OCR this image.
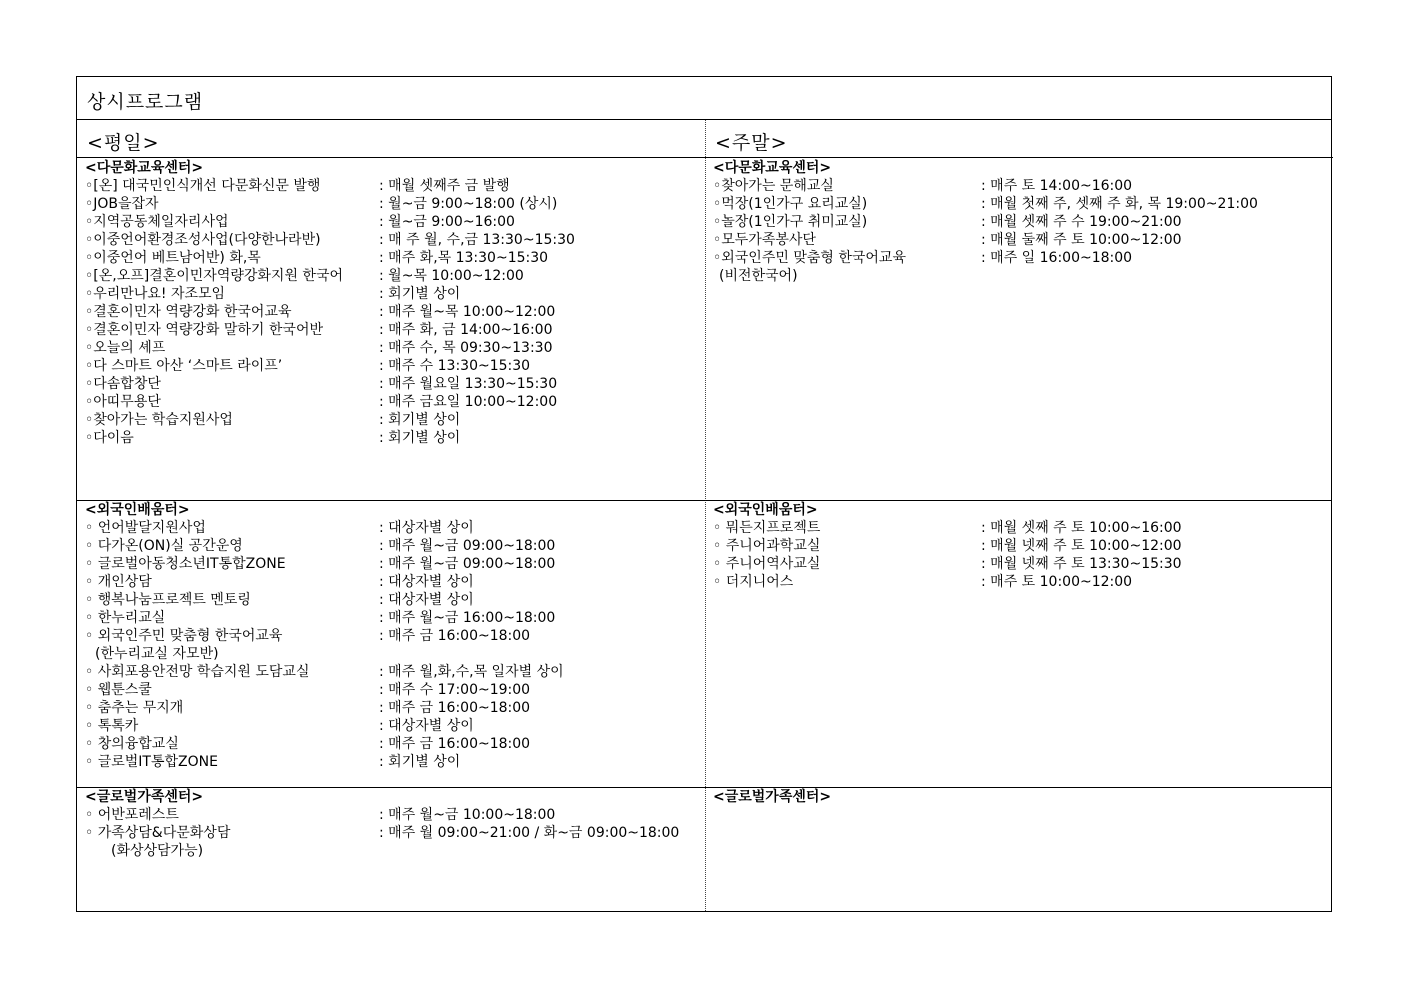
상시프로그램
<평일>	<주말>
<다문화교육센터>
◦[온] 대국민인식개선 다문화신문 발행	: 매월 셋째주 금 발행
◦JOB을잡자	: 월~금 9:00~18:00 (상시)
◦지역공동체일자리사업	: 월~금 9:00~16:00
◦이중언어환경조성사업(다양한나라반)	: 매 주 월, 수,금 13:30~15:30
◦이중언어 베트남어반) 화,목	: 매주 화,목 13:30~15:30
◦[온,오프]결혼이민자역량강화지원 한국어	: 월~목 10:00~12:00
◦우리만나요! 자조모임	: 회기별 상이
◦결혼이민자 역량강화 한국어교육	: 매주 월~목 10:00~12:00
◦결혼이민자 역량강화 말하기 한국어반	: 매주 화, 금 14:00~16:00
◦오늘의 셰프	: 매주 수, 목 09:30~13:30
◦다 스마트 아산 ‘스마트 라이프’	: 매주 수 13:30~15:30
◦다솜합창단	: 매주 월요일 13:30~15:30
◦아띠무용단	: 매주 금요일 10:00~12:00
◦찾아가는 학습지원사업	: 회기별 상이
◦다이음	: 회기별 상이
<다문화교육센터>
◦찾아가는 문해교실	: 매주 토 14:00~16:00
◦먹장(1인가구 요리교실)	: 매월 첫째 주, 셋째 주 화, 목 19:00~21:00
◦놀장(1인가구 취미교실)	: 매월 셋째 주 수 19:00~21:00
◦모두가족봉사단	: 매월 둘째 주 토 10:00~12:00
◦외국인주민 맞춤형 한국어교육	: 매주 일 16:00~18:00
(비전한국어)
<외국인배움터>
◦ 언어발달지원사업	: 대상자별 상이
◦ 다가온(ON)실 공간운영	: 매주 월~금 09:00~18:00
◦ 글로벌아동청소년IT통합ZONE	: 매주 월~금 09:00~18:00
◦ 개인상담	: 대상자별 상이
◦ 행복나눔프로젝트 멘토링	: 대상자별 상이
◦ 한누리교실	: 매주 월~금 16:00~18:00
◦ 외국인주민 맞춤형 한국어교육	: 매주 금 16:00~18:00
(한누리교실 자모반)
◦ 사회포용안전망 학습지원 도담교실	: 매주 월,화,수,목 일자별 상이
◦ 웹툰스쿨	: 매주 수 17:00~19:00
◦ 춤추는 무지개	: 매주 금 16:00~18:00
◦ 톡톡카	: 대상자별 상이
◦ 창의융합교실	: 매주 금 16:00~18:00
◦ 글로벌IT통합ZONE	: 회기별 상이
<외국인배움터>
◦ 뭐든지프로젝트	: 매월 셋째 주 토 10:00~16:00
◦ 주니어과학교실	: 매월 넷째 주 토 10:00~12:00
◦ 주니어역사교실	: 매월 넷째 주 토 13:30~15:30
◦ 더지니어스	: 매주 토 10:00~12:00
<글로벌가족센터>
◦ 어반포레스트	: 매주 월~금 10:00~18:00
◦ 가족상담&다문화상담	: 매주 월 09:00~21:00 / 화~금 09:00~18:00
(화상상담가능)
<글로벌가족센터>
